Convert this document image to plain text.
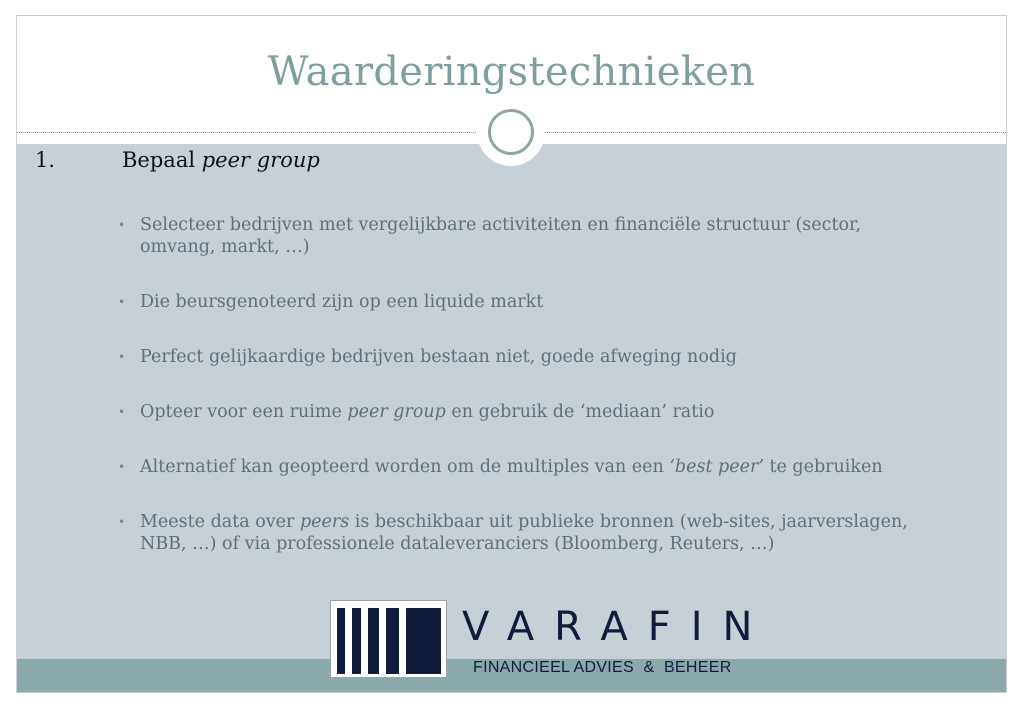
Waarderingstechnieken
1.	Bepaal peer group
• Selecteer bedrijven met vergelijkbare activiteiten en financiële structuur (sector, omvang, markt, …)
• Die beursgenoteerd zijn op een liquide markt
• Perfect gelijkaardige bedrijven bestaan niet, goede afweging nodig
• Opteer voor een ruime peer group en gebruik de ‘mediaan’ ratio
• Alternatief kan geopteerd worden om de multiples van een ‘best peer’ te gebruiken
• Meeste data over peers is beschikbaar uit publieke bronnen (web-sites, jaarverslagen, NBB, …) of via professionele dataleveranciers (Bloomberg, Reuters, …)
VARAFIN
FINANCIEEL ADVIES  &  BEHEER
